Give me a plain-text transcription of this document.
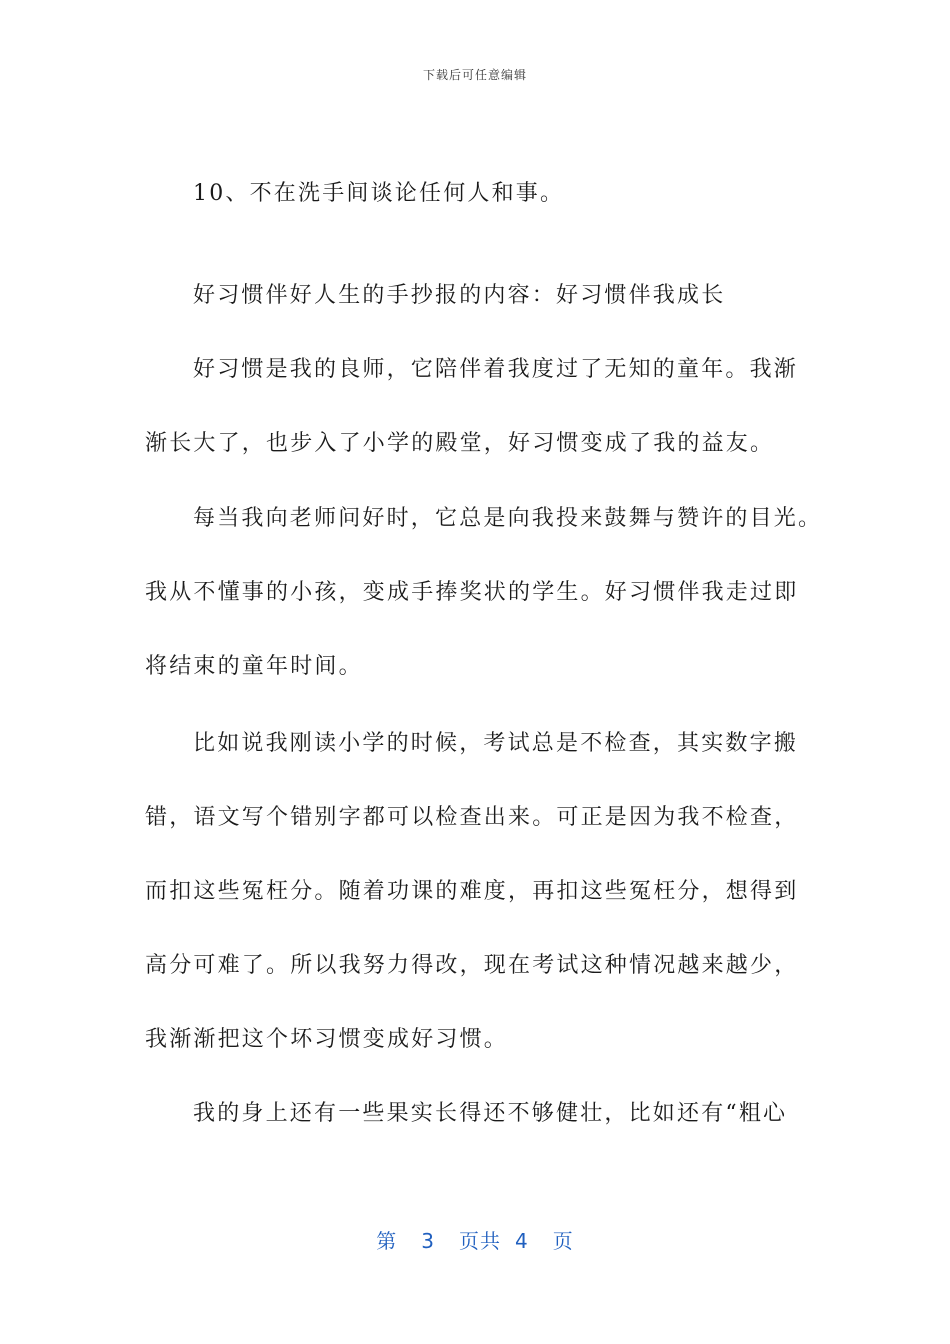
下载后可任意编辑
10、不在洗手间谈论任何人和事。
好习惯伴好人生的手抄报的内容：好习惯伴我成长
好习惯是我的良师，它陪伴着我度过了无知的童年。我渐
渐长大了，也步入了小学的殿堂，好习惯变成了我的益友。
每当我向老师问好时，它总是向我投来鼓舞与赞许的目光。
我从不懂事的小孩，变成手捧奖状的学生。好习惯伴我走过即
将结束的童年时间。
比如说我刚读小学的时候，考试总是不检查，其实数字搬
错，语文写个错别字都可以检查出来。可正是因为我不检查，
而扣这些冤枉分。随着功课的难度，再扣这些冤枉分，想得到
高分可难了。所以我努力得改，现在考试这种情况越来越少，
我渐渐把这个坏习惯变成好习惯。
我的身上还有一些果实长得还不够健壮，比如还有“粗心
第 3 页共 4 页
